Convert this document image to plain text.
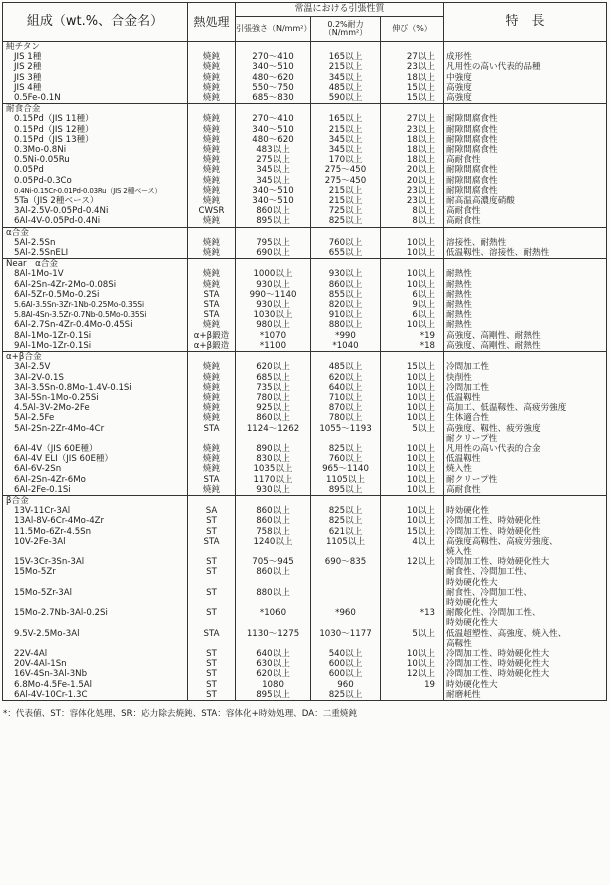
組成（wt.%、合金名）	熱処理	常温における引張性質			特　長
		引張強さ（N/mm²）	0.2%耐力（N/mm²）	伸び（%）	
純チタン					
JIS 1種	焼鈍	270～410	165以上	27以上	成形性
JIS 2種	焼鈍	340～510	215以上	23以上	凡用性の高い代表的品種
JIS 3種	焼鈍	480～620	345以上	18以上	中強度
JIS 4種	焼鈍	550～750	485以上	15以上	高強度
0.5Fe-0.1N	焼鈍	685～830	590以上	15以上	高強度
耐食合金					
0.15Pd（JIS 11種）	焼鈍	270～410	165以上	27以上	耐隙間腐食性
0.15Pd（JIS 12種）	焼鈍	340～510	215以上	23以上	耐隙間腐食性
0.15Pd（JIS 13種）	焼鈍	480～620	345以上	18以上	耐隙間腐食性
0.3Mo-0.8Ni	焼鈍	483以上	345以上	18以上	耐隙間腐食性
0.5Ni-0.05Ru	焼鈍	275以上	170以上	18以上	高耐食性
0.05Pd	焼鈍	345以上	275～450	20以上	耐隙間腐食性
0.05Pd-0.3Co	焼鈍	345以上	275～450	20以上	耐隙間腐食性
0.4Ni-0.15Cr-0.01Pd-0.03Ru（JIS 2種ベース）	焼鈍	340～510	215以上	23以上	耐隙間腐食性
5Ta（JIS 2種ベース）	焼鈍	340～510	215以上	23以上	耐高温高濃度硝酸
3Al-2.5V-0.05Pd-0.4Ni	CWSR	860以上	725以上	8以上	高耐食性
6Al-4V-0.05Pd-0.4Ni	焼鈍	895以上	825以上	8以上	高耐食性
α合金					
5Al-2.5Sn	焼鈍	795以上	760以上	10以上	溶接性、耐熱性
5Al-2.5SnELI	焼鈍	690以上	655以上	10以上	低温靱性、溶接性、耐熱性
Near　α合金					
8Al-1Mo-1V	焼鈍	1000以上	930以上	10以上	耐熱性
6Al-2Sn-4Zr-2Mo-0.08Si	焼鈍	930以上	860以上	10以上	耐熱性
6Al-5Zr-0.5Mo-0.2Si	STA	990～1140	855以上	6以上	耐熱性
5.6Al-3.5Sn-3Zr-1Nb-0.25Mo-0.35Si	STA	930以上	820以上	9以上	耐熱性
5.8Al-4Sn-3.5Zr-0.7Nb-0.5Mo-0.35Si	STA	1030以上	910以上	6以上	耐熱性
6Al-2.7Sn-4Zr-0.4Mo-0.45Si	焼鈍	980以上	880以上	10以上	耐熱性
8Al-1Mo-1Zr-0.1Si	α+β鍛造	*1070	*990	*19	高強度、高剛性、耐熱性
9Al-1Mo-1Zr-0.1Si	α+β鍛造	*1100	*1040	*18	高強度、高剛性、耐熱性
α+β合金					
3Al-2.5V	焼鈍	620以上	485以上	15以上	冷間加工性
3Al-2V-0.1S	焼鈍	685以上	620以上	10以上	快削性
3Al-3.5Sn-0.8Mo-1.4V-0.1Si	焼鈍	735以上	640以上	10以上	冷間加工性
3Al-5Sn-1Mo-0.25Si	焼鈍	780以上	710以上	10以上	低温靱性
4.5Al-3V-2Mo-2Fe	焼鈍	925以上	870以上	10以上	高加工、低温靱性、高疲労強度
5Al-2.5Fe	焼鈍	860以上	780以上	10以上	生体適合性
5Al-2Sn-2Zr-4Mo-4Cr	STA	1124～1262	1055～1193	5以上	高強度、靱性、疲労強度
					耐クリープ性
6Al-4V（JIS 60E種）	焼鈍	890以上	825以上	10以上	凡用性の高い代表的合金
6Al-4V ELI（JIS 60E種）	焼鈍	830以上	760以上	10以上	低温靱性
6Al-6V-2Sn	焼鈍	1035以上	965～1140	10以上	焼入性
6Al-2Sn-4Zr-6Mo	STA	1170以上	1105以上	10以上	耐クリープ性
6Al-2Fe-0.1Si	焼鈍	930以上	895以上	10以上	高耐食性
β合金					
13V-11Cr-3Al	SA	860以上	825以上	10以上	時効硬化性
13Al-8V-6Cr-4Mo-4Zr	ST	860以上	825以上	10以上	冷間加工性、時効硬化性
11.5Mo-6Zr-4.5Sn	ST	758以上	621以上	15以上	冷間加工性、時効硬化性
10V-2Fe-3Al	STA	1240以上	1105以上	4以上	高強度高靱性、高疲労強度、
					焼入性
15V-3Cr-3Sn-3Al	ST	705～945	690～835	12以上	冷間加工性、時効硬化性大
15Mo-5Zr	ST	860以上			耐食性、冷間加工性、
					時効硬化性大
15Mo-5Zr-3Al	ST	880以上			耐食性、冷間加工性、
					時効硬化性大
15Mo-2.7Nb-3Al-0.2Si	ST	*1060	*960	*13	耐酸化性、冷間加工性、
					時効硬化性大
9.5V-2.5Mo-3Al	STA	1130～1275	1030～1177	5以上	低温超塑性、高強度、焼入性、
					高靱性
22V-4Al	ST	640以上	540以上	10以上	冷間加工性、時効硬化性大
20V-4Al-1Sn	ST	630以上	600以上	10以上	冷間加工性、時効硬化性大
16V-4Sn-3Al-3Nb	ST	620以上	600以上	12以上	冷間加工性、時効硬化性大
6.8Mo-4.5Fe-1.5Al	ST	1080	960	19	時効硬化性大
6Al-4V-10Cr-1.3C	ST	895以上	825以上		耐磨耗性
*：代表値、ST：容体化処理、SR：応力除去焼鈍、STA：容体化+時効処理、DA：二重焼鈍
